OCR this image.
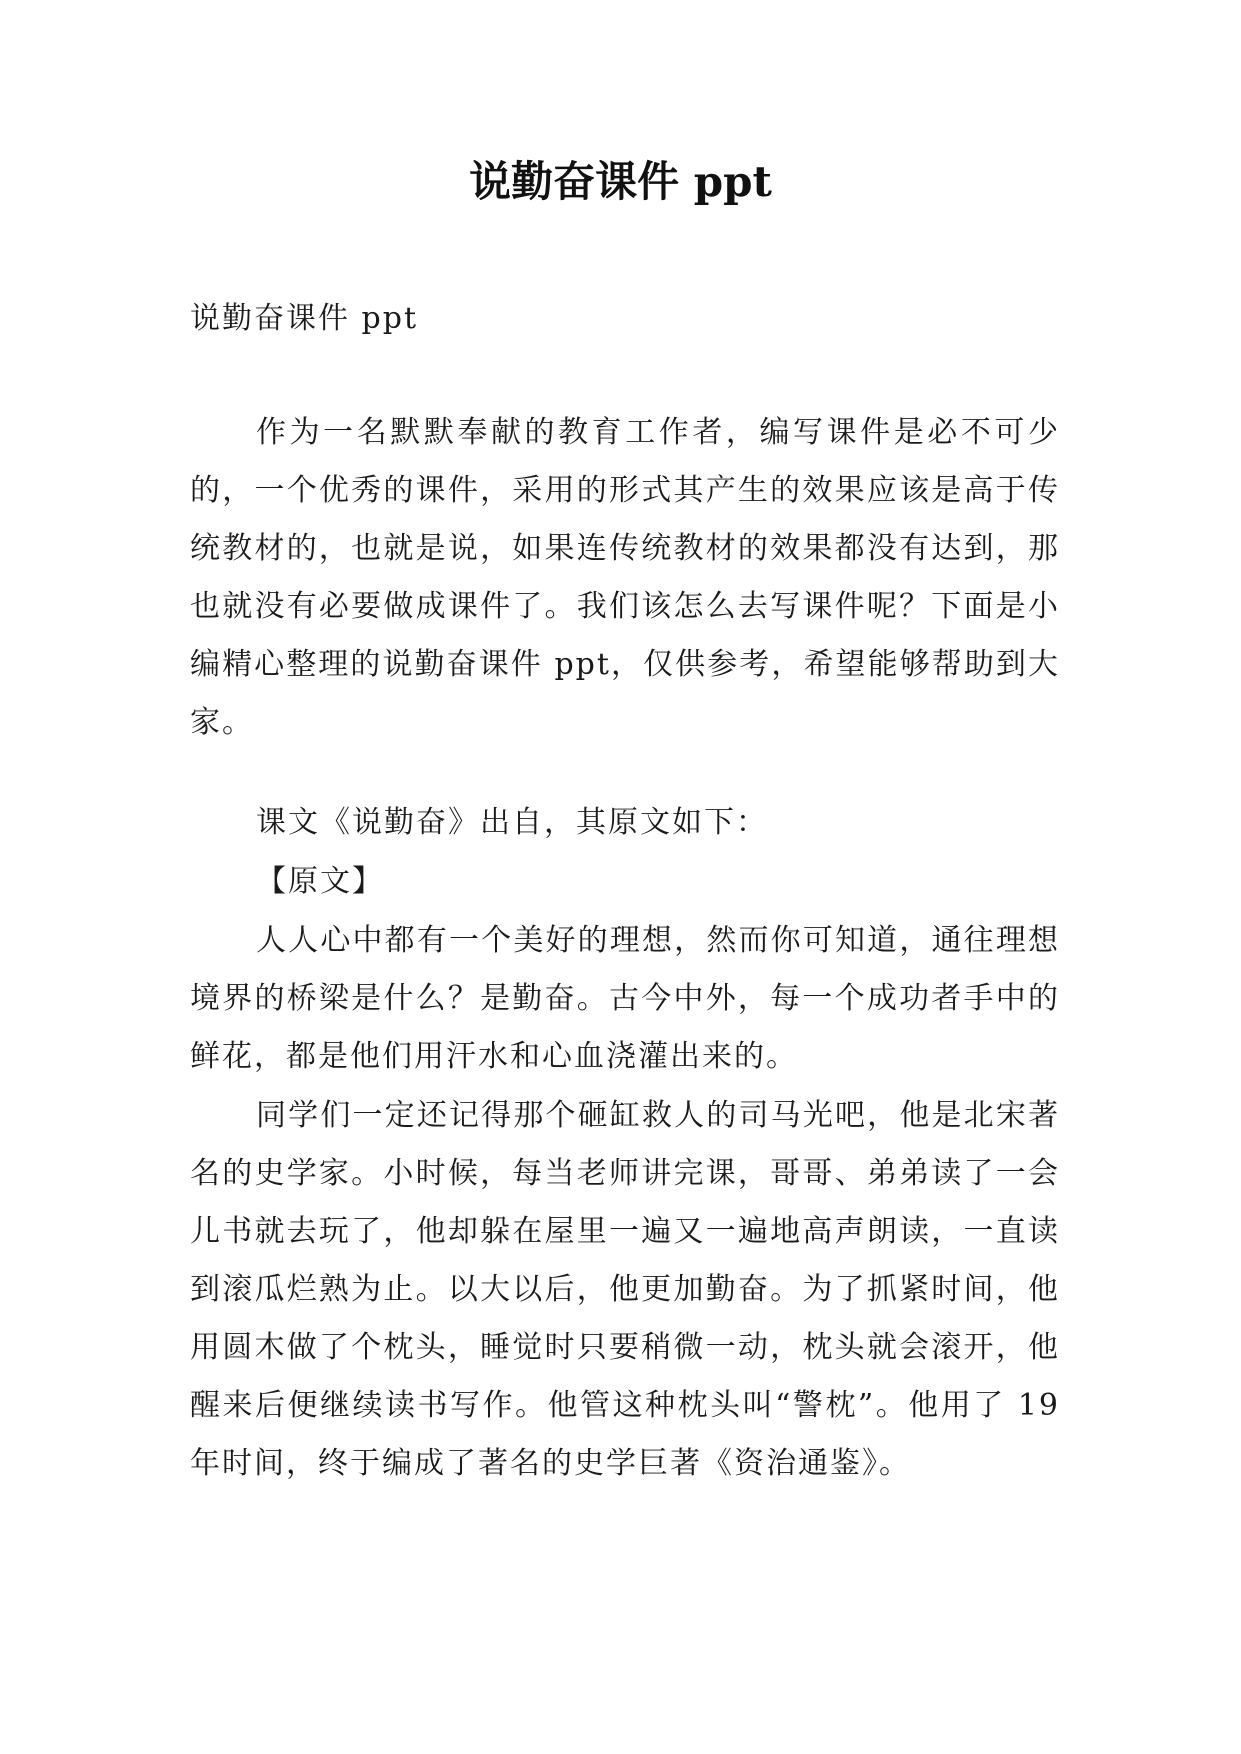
说勤奋课件 ppt

说勤奋课件 ppt

作为一名默默奉献的教育工作者，编写课件是必不可少的，一个优秀的课件，采用的形式其产生的效果应该是高于传统教材的，也就是说，如果连传统教材的效果都没有达到，那也就没有必要做成课件了。我们该怎么去写课件呢？下面是小编精心整理的说勤奋课件 ppt，仅供参考，希望能够帮助到大家。

课文《说勤奋》出自，其原文如下：

【原文】

人人心中都有一个美好的理想，然而你可知道，通往理想境界的桥梁是什么？是勤奋。古今中外，每一个成功者手中的鲜花，都是他们用汗水和心血浇灌出来的。

同学们一定还记得那个砸缸救人的司马光吧，他是北宋著名的史学家。小时候，每当老师讲完课，哥哥、弟弟读了一会儿书就去玩了，他却躲在屋里一遍又一遍地高声朗读，一直读到滚瓜烂熟为止。以大以后，他更加勤奋。为了抓紧时间，他用圆木做了个枕头，睡觉时只要稍微一动，枕头就会滚开，他醒来后便继续读书写作。他管这种枕头叫“警枕”。他用了 19 年时间，终于编成了著名的史学巨著《资治通鉴》。
